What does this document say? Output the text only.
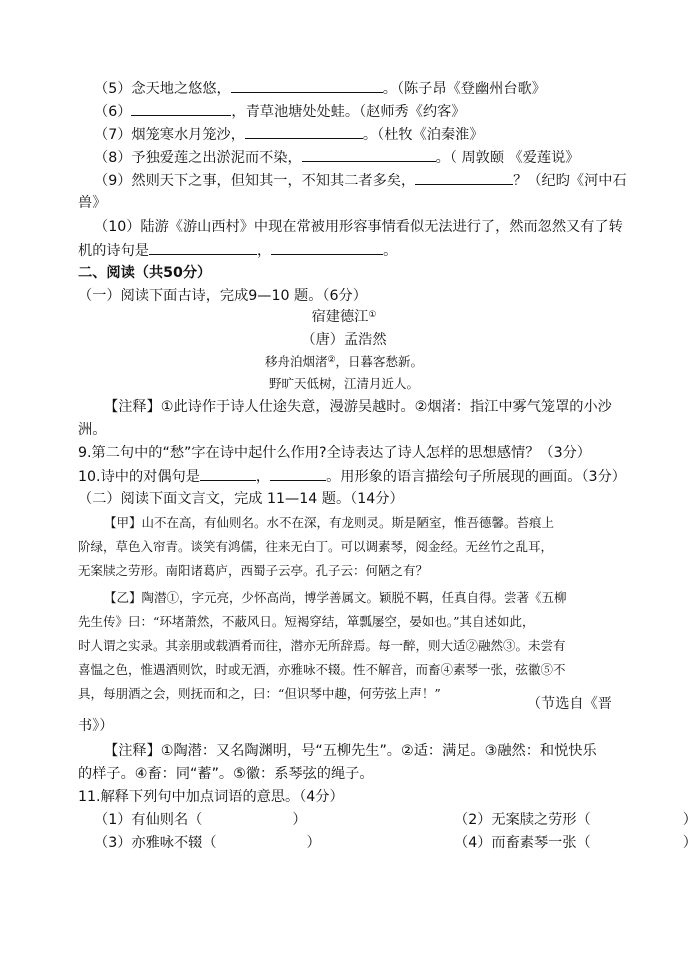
（5）念天地之悠悠，	。（陈子昂《登幽州台歌》
（6）	，青草池塘处处蛙。（赵师秀《约客》
（7）烟笼寒水月笼沙，	。（杜牧《泊秦淮》
（8）予独爱莲之出淤泥而不染，	。（ 周敦颐 《爱莲说》
（9）然则天下之事，但知其一，不知其二者多矣，	？（纪昀《河中石
兽》
（10）陆游《游山西村》中现在常被用形容事情看似无法进行了，然而忽然又有了转
机的诗句是	，	。
二、阅读（共50分）
（一）阅读下面古诗，完成9—10 题。（6分）
宿建德江①
（唐）孟浩然
移舟泊烟渚②，日暮客愁新。
野旷天低树，江清月近人。
【注释】①此诗作于诗人仕途失意，漫游吴越时。②烟渚：指江中雾气笼罩的小沙
洲。
9.第二句中的“愁”字在诗中起什么作用?全诗表达了诗人怎样的思想感情？（3分）
10.诗中的对偶句是	，	。用形象的语言描绘句子所展现的画面。（3分）
（二）阅读下面文言文，完成 11—14 题。（14分）
【甲】山不在高，有仙则名。水不在深，有龙则灵。斯是陋室，惟吾德馨。苔痕上
阶绿，草色入帘青。谈笑有鸿儒，往来无白丁。可以调素琴，阅金经。无丝竹之乱耳，
无案牍之劳形。南阳诸葛庐，西蜀子云亭。孔子云：何陋之有？
【乙】陶潜①，字元亮，少怀高尚，博学善属文。颖脱不羁，任真自得。尝著《五柳
先生传》曰：“环堵萧然，不蔽风日。短褐穿结，箪瓢屡空，晏如也。”其自述如此，
时人谓之实录。其亲朋或载酒肴而往，潜亦无所辞焉。每一醉，则大适②融然③。未尝有
喜愠之色，惟遇酒则饮，时或无酒，亦雅咏不辍。性不解音，而畜④素琴一张，弦徽⑤不
具，每朋酒之会，则抚而和之，曰：“但识琴中趣，何劳弦上声！”
（节选自《晋
书》）
【注释】①陶潜：又名陶渊明，号“五柳先生”。②适：满足。③融然：和悦快乐
的样子。④畜：同“蓄”。⑤徽：系琴弦的绳子。
11.解释下列句中加点词语的意思。（4分）
（1）有仙则名（	）	（2）无案牍之劳形（	）
（3）亦雅咏不辍（	）	（4）而畜素琴一张（	）
